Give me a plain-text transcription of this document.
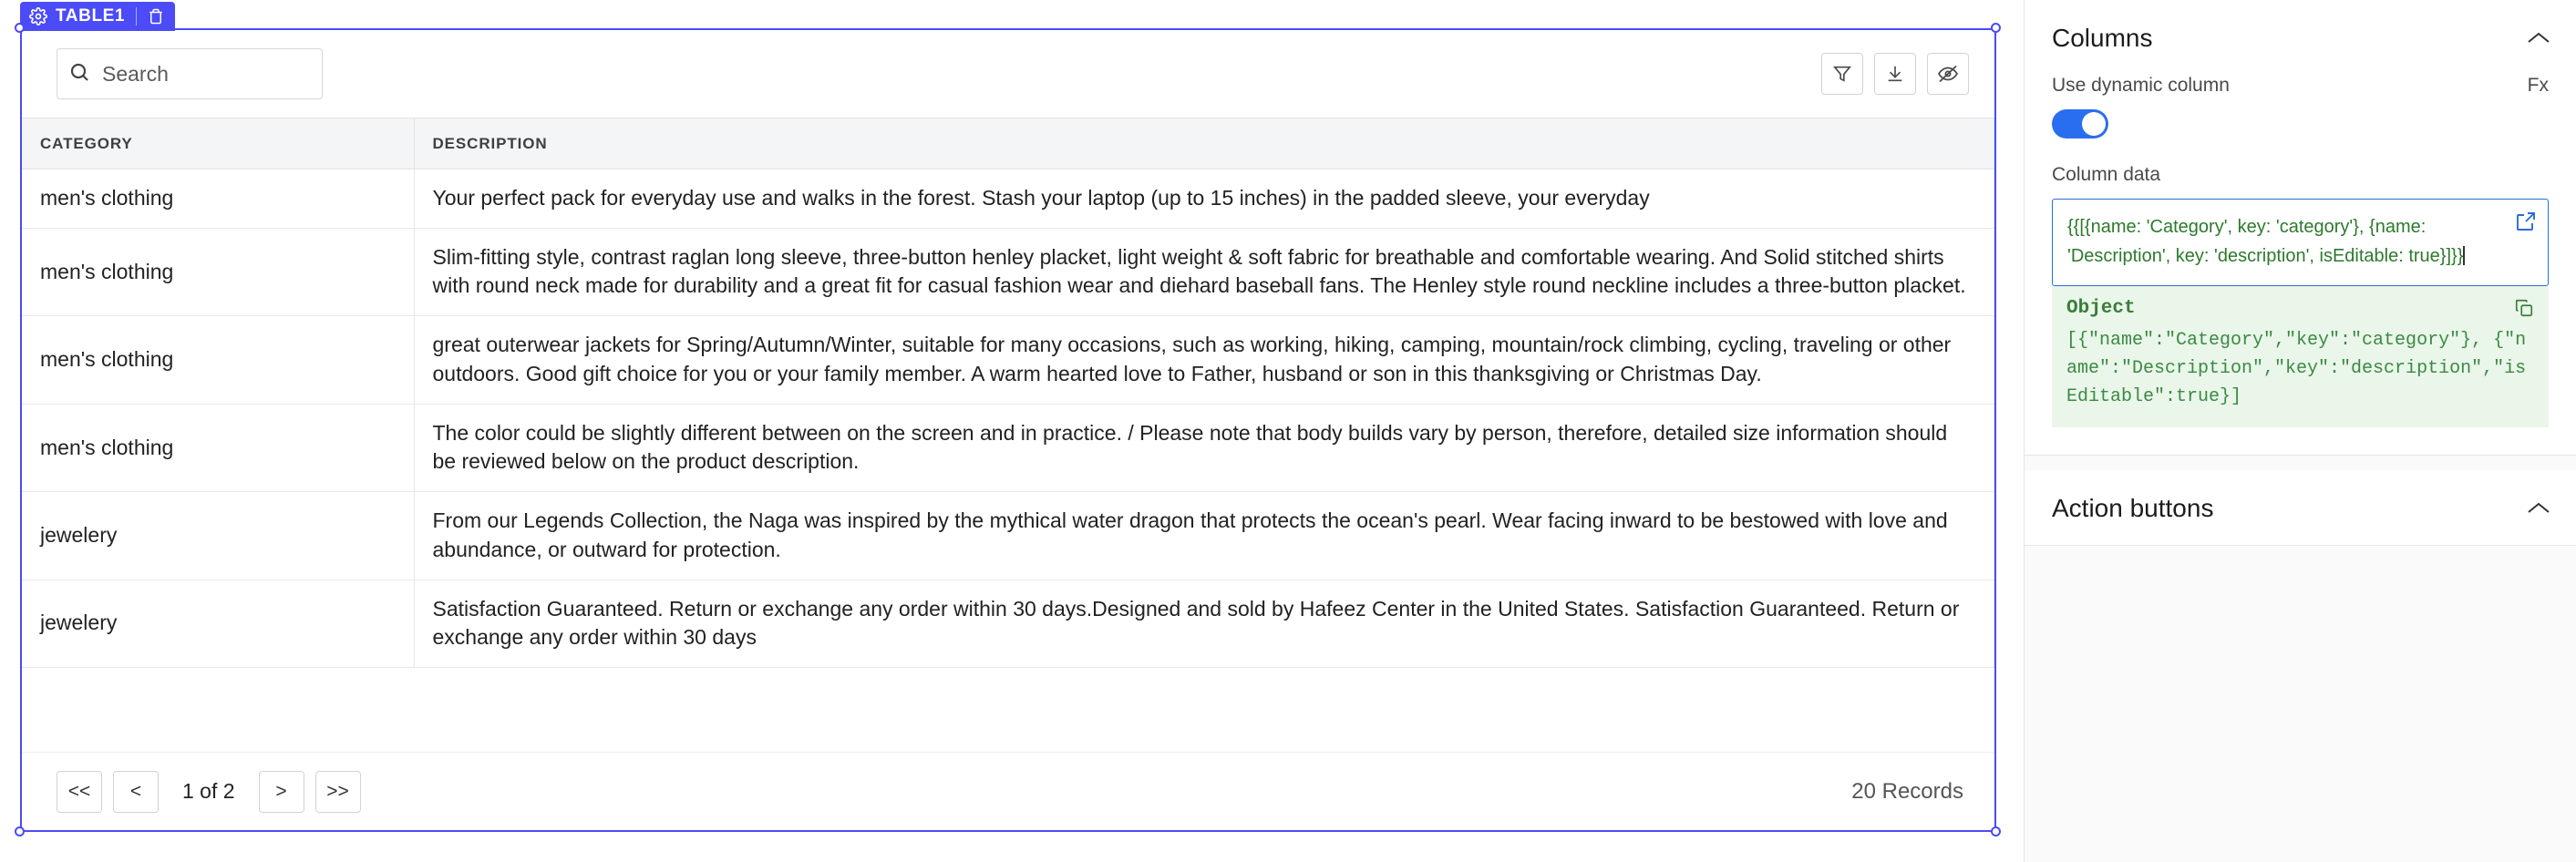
TABLE1
Search
CATEGORY	DESCRIPTION
men's clothing	Your perfect pack for everyday use and walks in the forest. Stash your laptop (up to 15 inches) in the padded sleeve, your everyday
men's clothing	Slim-fitting style, contrast raglan long sleeve, three-button henley placket, light weight & soft fabric for breathable and comfortable wearing. And Solid stitched shirts with round neck made for durability and a great fit for casual fashion wear and diehard baseball fans. The Henley style round neckline includes a three-button placket.
men's clothing	great outerwear jackets for Spring/Autumn/Winter, suitable for many occasions, such as working, hiking, camping, mountain/rock climbing, cycling, traveling or other outdoors. Good gift choice for you or your family member. A warm hearted love to Father, husband or son in this thanksgiving or Christmas Day.
men's clothing	The color could be slightly different between on the screen and in practice. / Please note that body builds vary by person, therefore, detailed size information should be reviewed below on the product description.
jewelery	From our Legends Collection, the Naga was inspired by the mythical water dragon that protects the ocean's pearl. Wear facing inward to be bestowed with love and abundance, or outward for protection.
jewelery	Satisfaction Guaranteed. Return or exchange any order within 30 days.Designed and sold by Hafeez Center in the United States. Satisfaction Guaranteed. Return or exchange any order within 30 days
<<	<	1 of 2	>	>>	20 Records
Columns
Use dynamic column	Fx
Column data
{{[{name: 'Category', key: 'category'}, {name: 'Description', key: 'description', isEditable: true}]}}
Object
[{"name":"Category","key":"category"}, {"name":"Description","key":"description","isEditable":true}]
Action buttons
